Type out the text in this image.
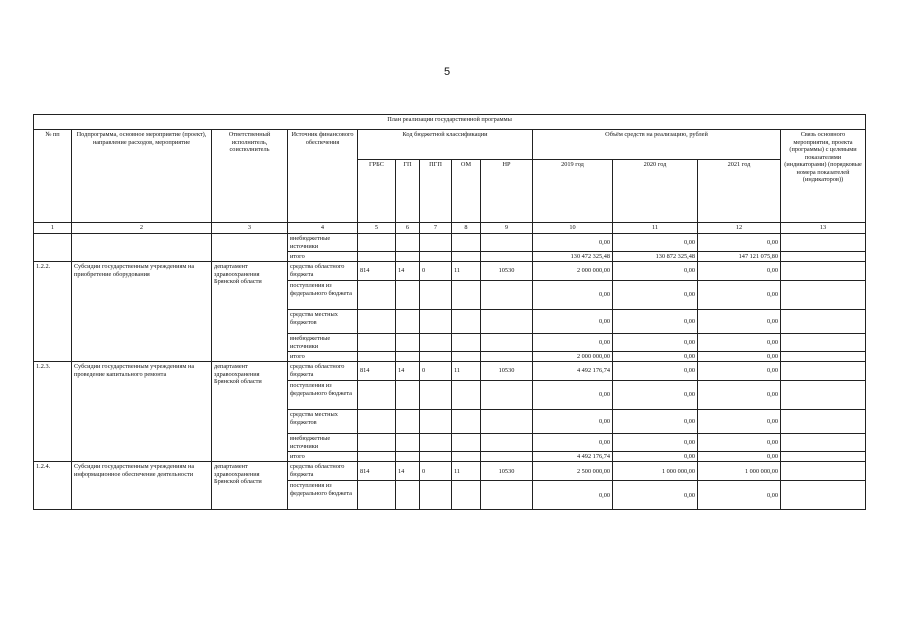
5
План реализации государственной программы												
№ пп	Подпрограмма, основное мероприятие (проект), направление расходов, мероприятие	Ответственный исполнитель, соисполнитель	Источник финансового обеспечения	Код бюджетной классификации					Объём средств на реализацию, рублей			Связь основного мероприятия, проекта (программы) с целевыми показателями (индикаторами) (порядковые номера показателей (индикаторов))
				ГРБС	ГП	ПГП	ОМ	НР	2019 год	2020 год	2021 год	
1	2	3	4	5	6	7	8	9	10	11	12	13
			внебюджетные источники						0,00	0,00	0,00	
			итого						130 472 325,48	130 872 325,48	147 121 075,80	
1.2.2.	Субсидии государственным учреждениям на приобретение оборудования	департамент здравоохранения Брянской области	средства областного бюджета	814	14	0	11	10530	2 000 000,00	0,00	0,00	
			поступления из федерального бюджета						0,00	0,00	0,00	
			средства местных бюджетов						0,00	0,00	0,00	
			внебюджетные источники						0,00	0,00	0,00	
			итого						2 000 000,00	0,00	0,00	
1.2.3.	Субсидии государственным учреждениям на проведение капитального ремонта	департамент здравоохранения Брянской области	средства областного бюджета	814	14	0	11	10530	4 492 176,74	0,00	0,00	
			поступления из федерального бюджета						0,00	0,00	0,00	
			средства местных бюджетов						0,00	0,00	0,00	
			внебюджетные источники						0,00	0,00	0,00	
			итого						4 492 176,74	0,00	0,00	
1.2.4.	Субсидии государственным учреждениям на информационное обеспечение деятельности	департамент здравоохранения Брянской области	средства областного бюджета	814	14	0	11	10530	2 500 000,00	1 000 000,00	1 000 000,00	
			поступления из федерального бюджета						0,00	0,00	0,00	
